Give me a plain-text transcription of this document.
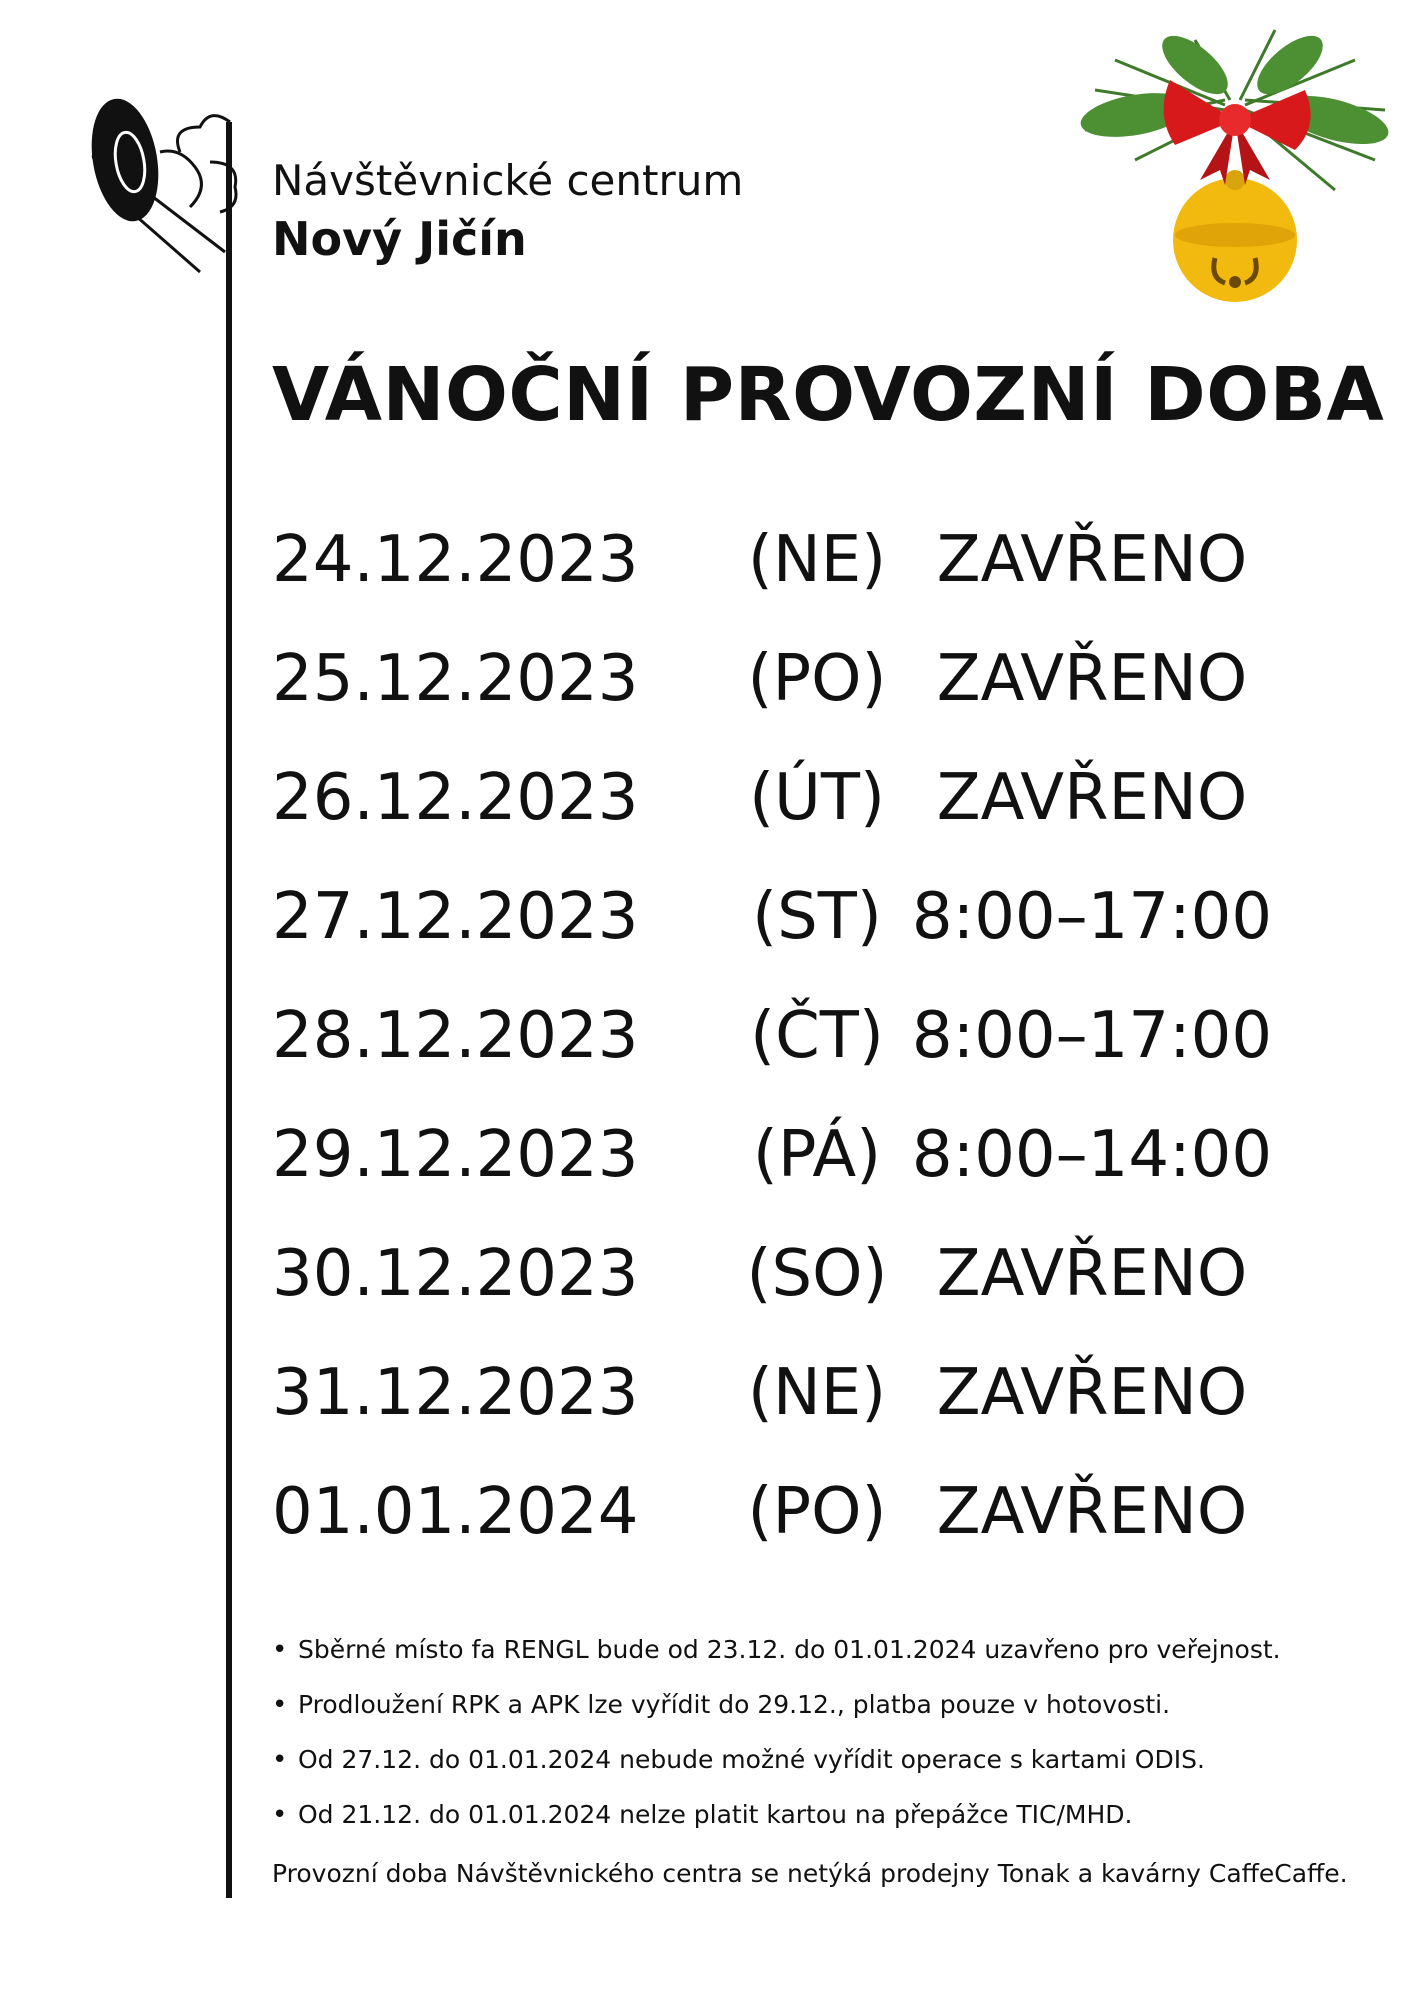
Návštěvnické centrum
Nový Jičín
VÁNOČNÍ PROVOZNÍ DOBA
24.12.2023 (NE) ZAVŘENO
25.12.2023 (PO) ZAVŘENO
26.12.2023 (ÚT) ZAVŘENO
27.12.2023 (ST) 8:00–17:00
28.12.2023 (ČT) 8:00–17:00
29.12.2023 (PÁ) 8:00–14:00
30.12.2023 (SO) ZAVŘENO
31.12.2023 (NE) ZAVŘENO
01.01.2024 (PO) ZAVŘENO
• Sběrné místo fa RENGL bude od 23.12. do 01.01.2024 uzavřeno pro veřejnost.
• Prodloužení RPK a APK lze vyřídit do 29.12., platba pouze v hotovosti.
• Od 27.12. do 01.01.2024 nebude možné vyřídit operace s kartami ODIS.
• Od 21.12. do 01.01.2024 nelze platit kartou na přepážce TIC/MHD.
Provozní doba Návštěvnického centra se netýká prodejny Tonak a kavárny CaffeCaffe.
